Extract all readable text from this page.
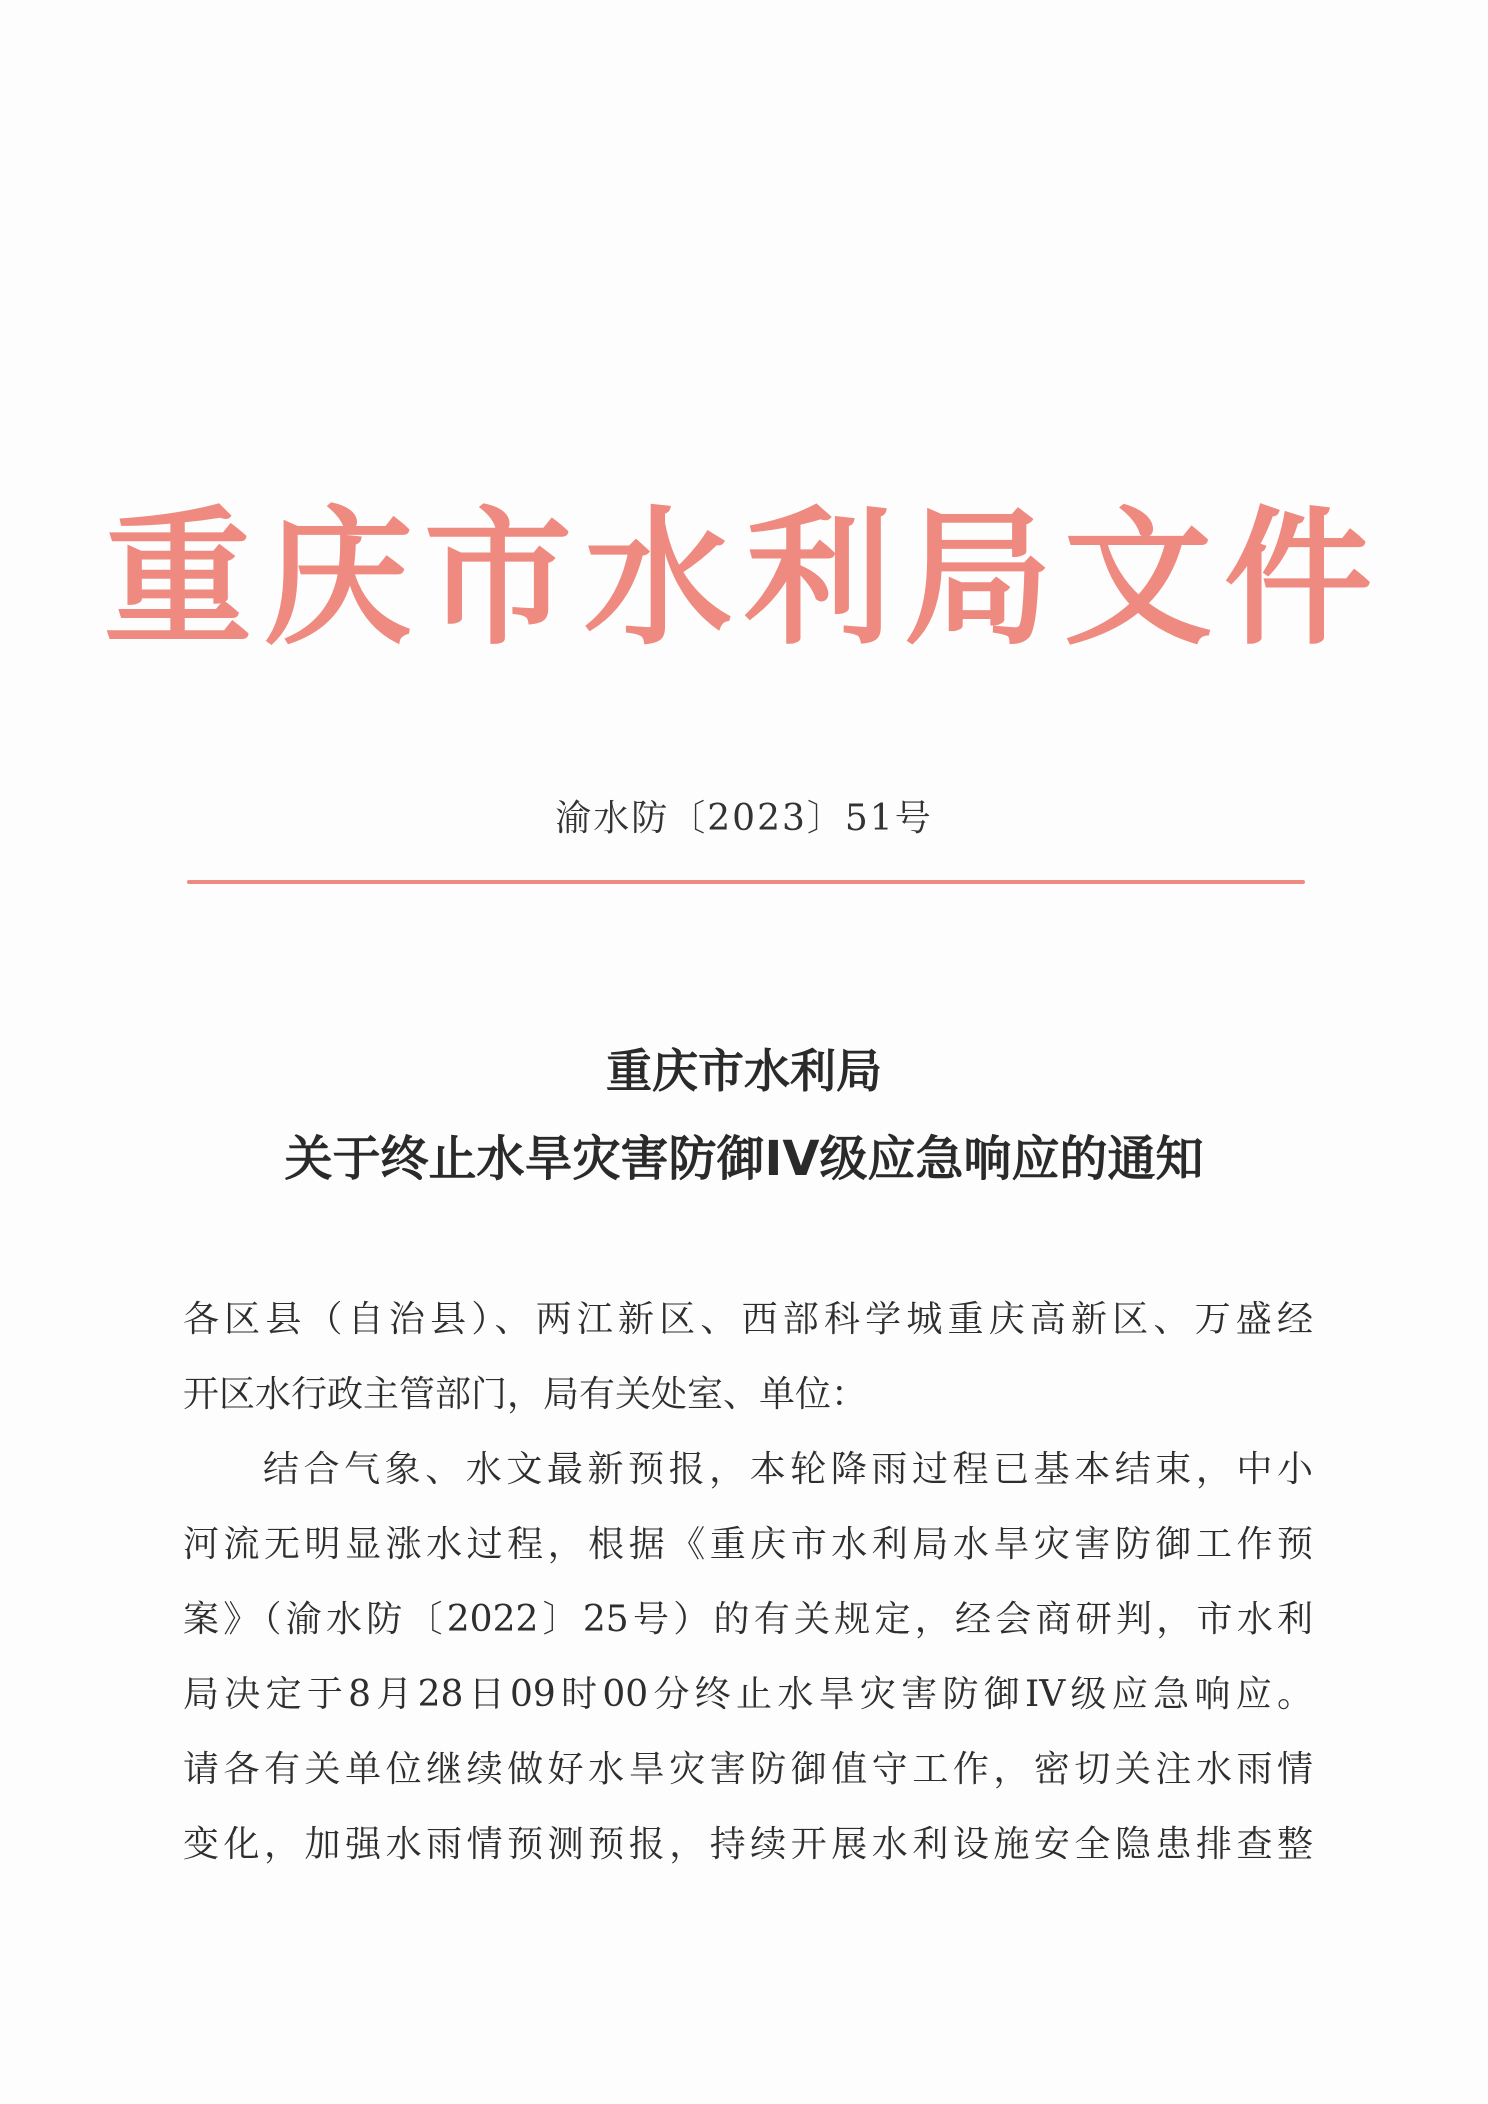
重庆市水利局文件
渝水防〔2023〕51号
重庆市水利局
关于终止水旱灾害防御IV级应急响应的通知
各区县（自治县）、两江新区、西部科学城重庆高新区、万盛经
开区水行政主管部门，局有关处室、单位：
结合气象、水文最新预报，本轮降雨过程已基本结束，中小
河流无明显涨水过程，根据《重庆市水利局水旱灾害防御工作预
案》（渝水防〔2022〕25号）的有关规定，经会商研判，市水利
局决定于8月28日09时00分终止水旱灾害防御IV级应急响应。
请各有关单位继续做好水旱灾害防御值守工作，密切关注水雨情
变化，加强水雨情预测预报，持续开展水利设施安全隐患排查整
